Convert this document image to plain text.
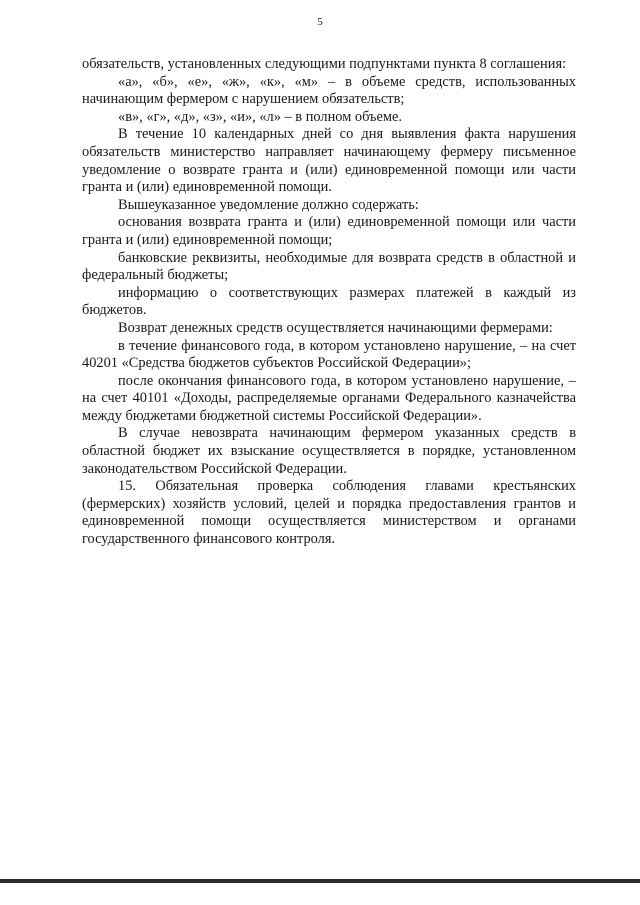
5

обязательств, установленных следующими подпунктами пункта 8 соглашения:

«а», «б», «е», «ж», «к», «м» – в объеме средств, использованных начинающим фермером с нарушением обязательств;

«в», «г», «д», «з», «и», «л» – в полном объеме.

В течение 10 календарных дней со дня выявления факта нарушения обязательств министерство направляет начинающему фермеру письменное уведомление о возврате гранта и (или) единовременной помощи или части гранта и (или) единовременной помощи.

Вышеуказанное уведомление должно содержать:

основания возврата гранта и (или) единовременной помощи или части гранта и (или) единовременной помощи;

банковские реквизиты, необходимые для возврата средств в областной и федеральный бюджеты;

информацию о соответствующих размерах платежей в каждый из бюджетов.

Возврат денежных средств осуществляется начинающими фермерами:

в течение финансового года, в котором установлено нарушение, – на счет 40201 «Средства бюджетов субъектов Российской Федерации»;

после окончания финансового года, в котором установлено нарушение, – на счет 40101 «Доходы, распределяемые органами Федерального казначейства между бюджетами бюджетной системы Российской Федерации».

В случае невозврата начинающим фермером указанных средств в областной бюджет их взыскание осуществляется в порядке, установленном законодательством Российской Федерации.

15. Обязательная проверка соблюдения главами крестьянских (фермерских) хозяйств условий, целей и порядка предоставления грантов и единовременной помощи осуществляется министерством и органами государственного финансового контроля.
